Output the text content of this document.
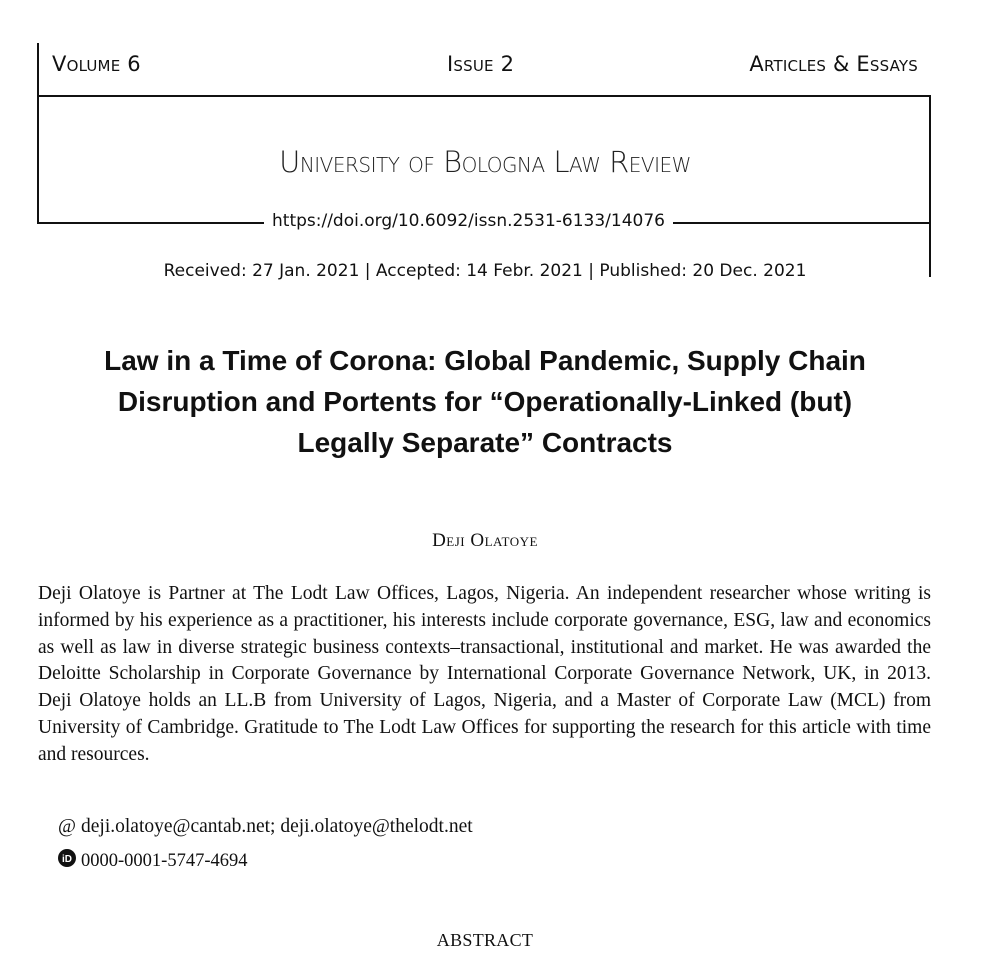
Volume 6	Issue 2	Articles & Essays
University of Bologna Law Review
https://doi.org/10.6092/issn.2531-6133/14076
Received: 27 Jan. 2021 | Accepted: 14 Febr. 2021 | Published: 20 Dec. 2021
Law in a Time of Corona: Global Pandemic, Supply Chain Disruption and Portents for “Operationally-Linked (but) Legally Separate” Contracts
Deji Olatoye
Deji Olatoye is Partner at The Lodt Law Offices, Lagos, Nigeria. An independent researcher whose writing is informed by his experience as a practitioner, his interests include corporate governance, ESG, law and economics as well as law in diverse strategic business contexts–transactional, institutional and market. He was awarded the Deloitte Scholarship in Corporate Governance by International Corporate Governance Network, UK, in 2013. Deji Olatoye holds an LL.B from University of Lagos, Nigeria, and a Master of Corporate Law (MCL) from University of Cambridge. Gratitude to The Lodt Law Offices for supporting the research for this article with time and resources.
@ deji.olatoye@cantab.net; deji.olatoye@thelodt.net
iD 0000-0001-5747-4694
ABSTRACT
